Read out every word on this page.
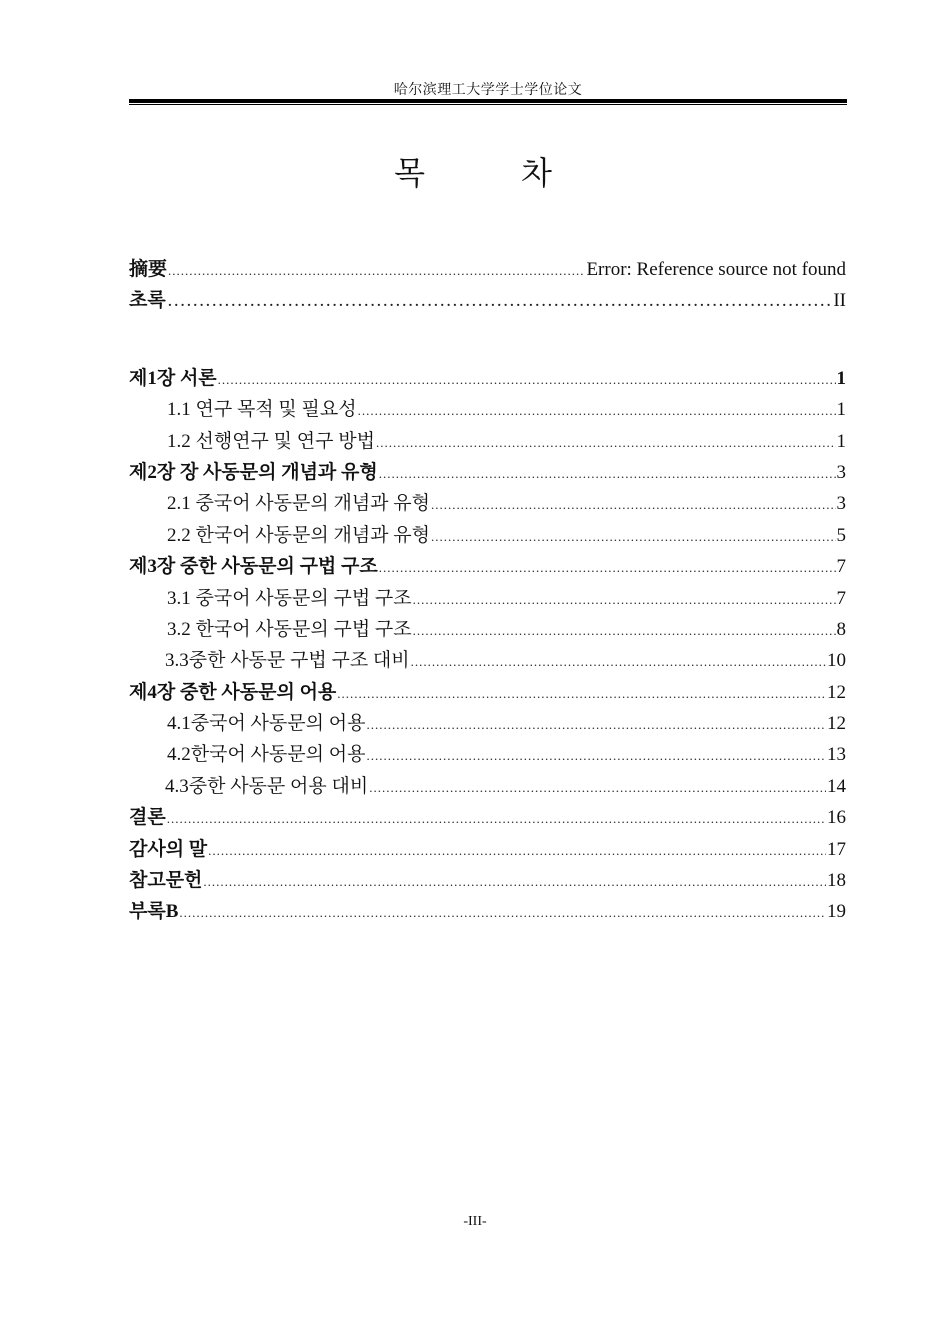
哈尔滨理工大学学士学位论文
목 차
摘要 .....	Error: Reference source not found
초록 ……………………………………………………………………………………………………………………………………………	II
제1장 서론 .....	1
1.1 연구 목적 및 필요성 .....	1
1.2 선행연구 및 연구 방법 .....	1
제2장 장 사동문의 개념과 유형 .....	3
2.1 중국어 사동문의 개념과 유형 .....	3
2.2 한국어 사동문의 개념과 유형 .....	5
제3장 중한 사동문의 구법 구조 .....	7
3.1 중국어 사동문의 구법 구조 .....	7
3.2 한국어 사동문의 구법 구조 .....	8
3.3중한 사동문 구법 구조 대비 .....	10
제4장 중한 사동문의 어용 .....	12
4.1중국어 사동문의 어용 .....	12
4.2한국어 사동문의 어용 .....	13
4.3중한 사동문 어용 대비 .....	14
결론 .....	16
감사의 말 .....	17
참고문헌 .....	18
부록B .....	19
-III-
